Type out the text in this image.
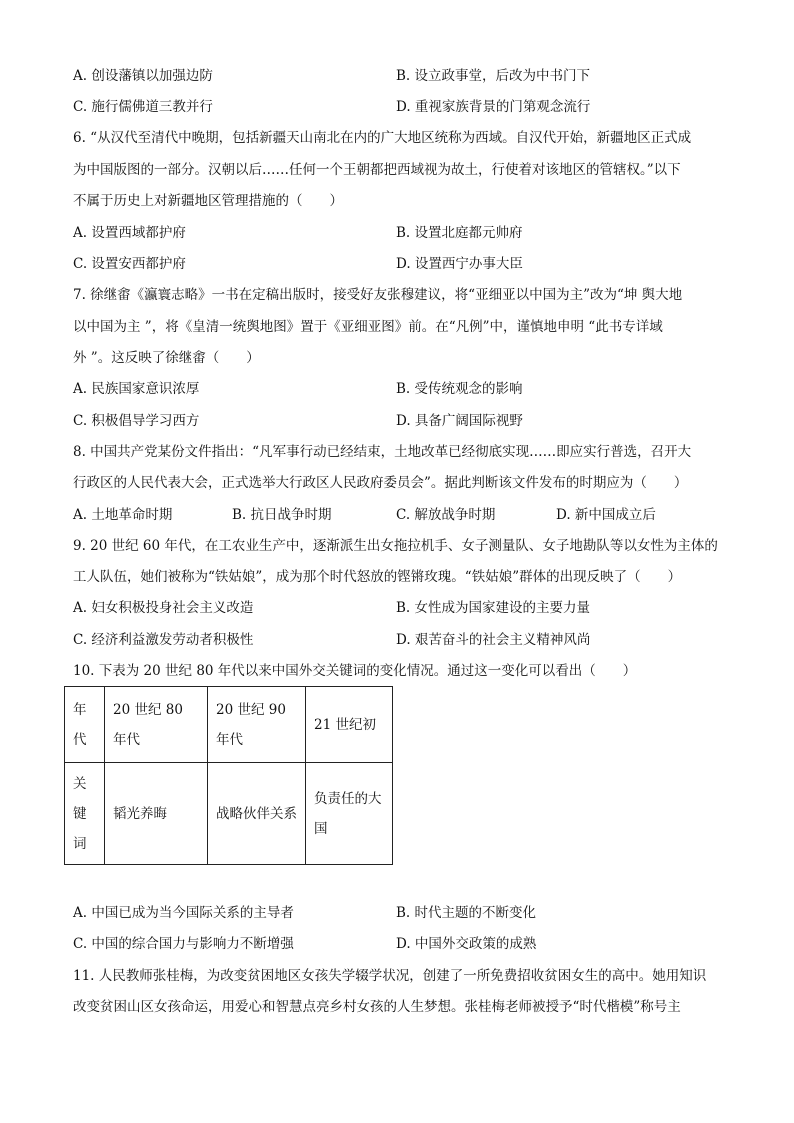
A. 创设藩镇以加强边防	B. 设立政事堂，后改为中书门下
C. 施行儒佛道三教并行	D. 重视家族背景的门第观念流行
6. “从汉代至清代中晚期，包括新疆天山南北在内的广大地区统称为西域。自汉代开始，新疆地区正式成
为中国版图的一部分。汉朝以后……任何一个王朝都把西域视为故土，行使着对该地区的管辖权。”以下
不属于历史上对新疆地区管理措施的（　　）
A. 设置西域都护府	B. 设置北庭都元帅府
C. 设置安西都护府	D. 设置西宁办事大臣
7. 徐继畬《瀛寰志略》一书在定稿出版时，接受好友张穆建议，将“亚细亚以中国为主”改为“坤 舆大地
以中国为主 ”，将《皇清一统舆地图》置于《亚细亚图》前。在“凡例”中，谨慎地申明 “此书专详域
外 ”。这反映了徐继畬（　　）
A. 民族国家意识浓厚	B. 受传统观念的影响
C. 积极倡导学习西方	D. 具备广阔国际视野
8. 中国共产党某份文件指出：“凡军事行动已经结束，土地改革已经彻底实现……即应实行普选，召开大
行政区的人民代表大会，正式选举大行政区人民政府委员会”。据此判断该文件发布的时期应为（　　）
A. 土地革命时期	B. 抗日战争时期	C. 解放战争时期	D. 新中国成立后
9. 20 世纪 60 年代，在工农业生产中，逐渐派生出女拖拉机手、女子测量队、女子地勘队等以女性为主体的
工人队伍，她们被称为“铁姑娘”，成为那个时代怒放的铿锵玫瑰。“铁姑娘”群体的出现反映了（　　）
A. 妇女积极投身社会主义改造	B. 女性成为国家建设的主要力量
C. 经济利益激发劳动者积极性	D. 艰苦奋斗的社会主义精神风尚
10. 下表为 20 世纪 80 年代以来中国外交关键词的变化情况。通过这一变化可以看出（　　）
年代	20 世纪 80 年代	20 世纪 90 年代	21 世纪初
关键词	韬光养晦	战略伙伴关系	负责任的大国
A. 中国已成为当今国际关系的主导者	B. 时代主题的不断变化
C. 中国的综合国力与影响力不断增强	D. 中国外交政策的成熟
11. 人民教师张桂梅，为改变贫困地区女孩失学辍学状况，创建了一所免费招收贫困女生的高中。她用知识
改变贫困山区女孩命运，用爱心和智慧点亮乡村女孩的人生梦想。张桂梅老师被授予“时代楷模”称号主
